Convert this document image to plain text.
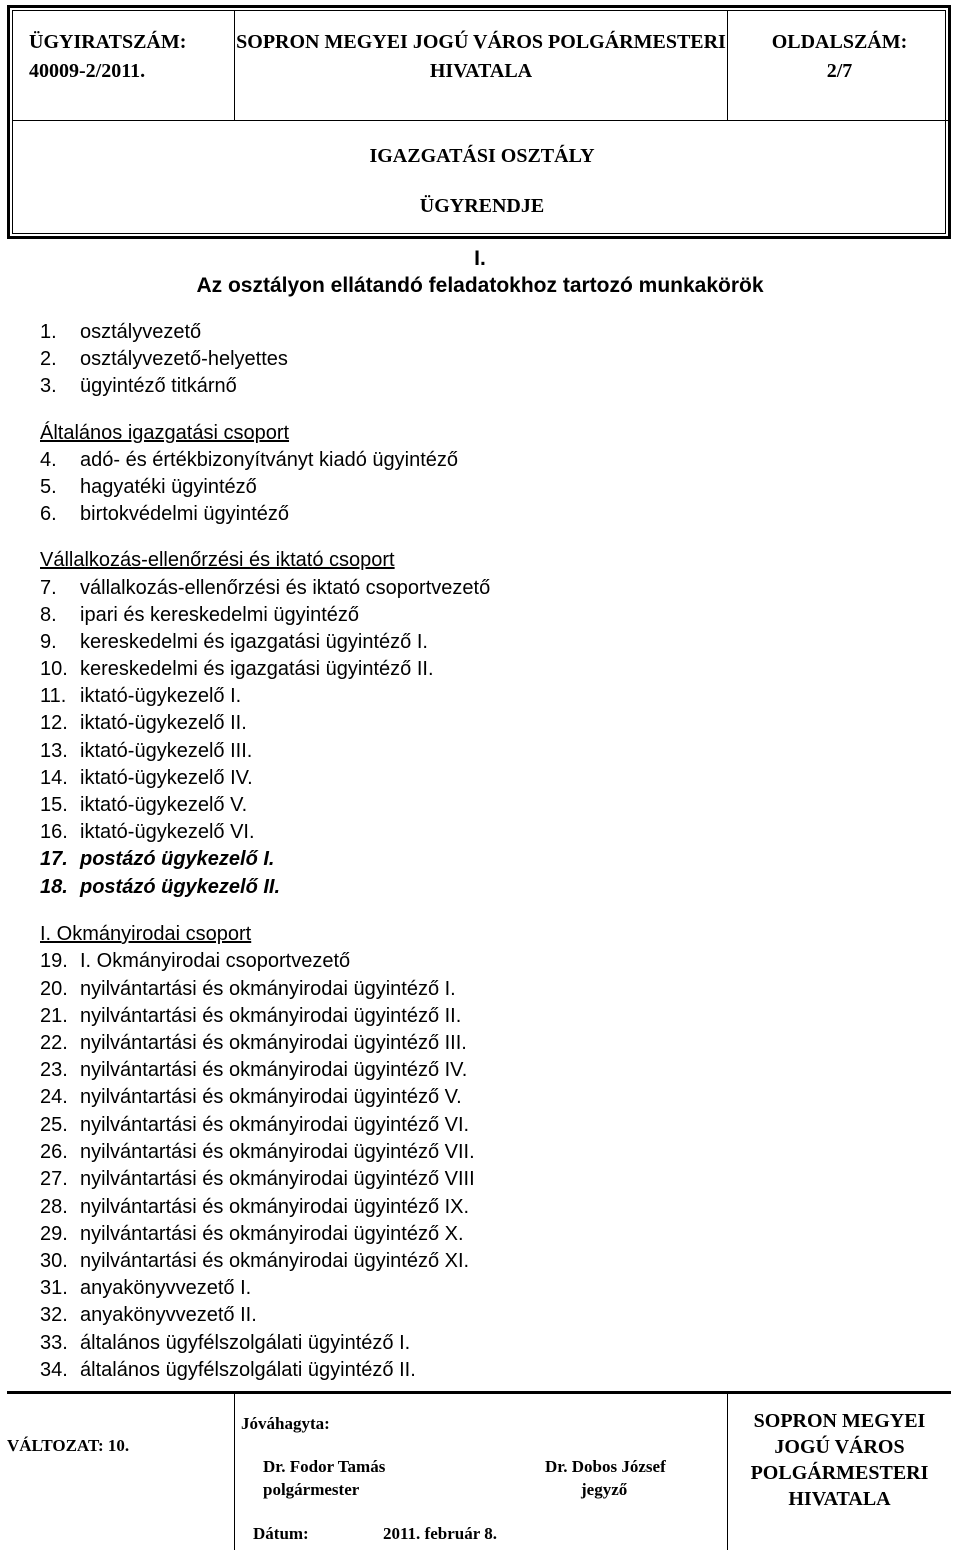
ÜGYIRATSZÁM:
40009-2/2011.
SOPRON MEGYEI JOGÚ VÁROS POLGÁRMESTERI
HIVATALA
OLDALSZÁM:
2/7
IGAZGATÁSI OSZTÁLY
ÜGYRENDJE
I.
Az osztályon ellátandó feladatokhoz tartozó munkakörök
1. osztályvezető
2. osztályvezető-helyettes
3. ügyintéző titkárnő
Általános igazgatási csoport
4. adó- és értékbizonyítványt kiadó ügyintéző
5. hagyatéki ügyintéző
6. birtokvédelmi ügyintéző
Vállalkozás-ellenőrzési és iktató csoport
7. vállalkozás-ellenőrzési és iktató csoportvezető
8. ipari és kereskedelmi ügyintéző
9. kereskedelmi és igazgatási ügyintéző I.
10. kereskedelmi és igazgatási ügyintéző II.
11. iktató-ügykezelő I.
12. iktató-ügykezelő II.
13. iktató-ügykezelő III.
14. iktató-ügykezelő IV.
15. iktató-ügykezelő V.
16. iktató-ügykezelő VI.
17. postázó ügykezelő I.
18. postázó ügykezelő II.
I. Okmányirodai csoport
19. I. Okmányirodai csoportvezető
20. nyilvántartási és okmányirodai ügyintéző I.
21. nyilvántartási és okmányirodai ügyintéző II.
22. nyilvántartási és okmányirodai ügyintéző III.
23. nyilvántartási és okmányirodai ügyintéző IV.
24. nyilvántartási és okmányirodai ügyintéző V.
25. nyilvántartási és okmányirodai ügyintéző VI.
26. nyilvántartási és okmányirodai ügyintéző VII.
27. nyilvántartási és okmányirodai ügyintéző VIII
28. nyilvántartási és okmányirodai ügyintéző IX.
29. nyilvántartási és okmányirodai ügyintéző X.
30. nyilvántartási és okmányirodai ügyintéző XI.
31. anyakönyvvezető I.
32. anyakönyvvezető II.
33. általános ügyfélszolgálati ügyintéző I.
34. általános ügyfélszolgálati ügyintéző II.
VÁLTOZAT: 10.
Jóváhagyta:
Dr. Fodor Tamás
polgármester
Dr. Dobos József
jegyző
Dátum:	2011. február 8.
SOPRON MEGYEI
JOGÚ VÁROS
POLGÁRMESTERI
HIVATALA
